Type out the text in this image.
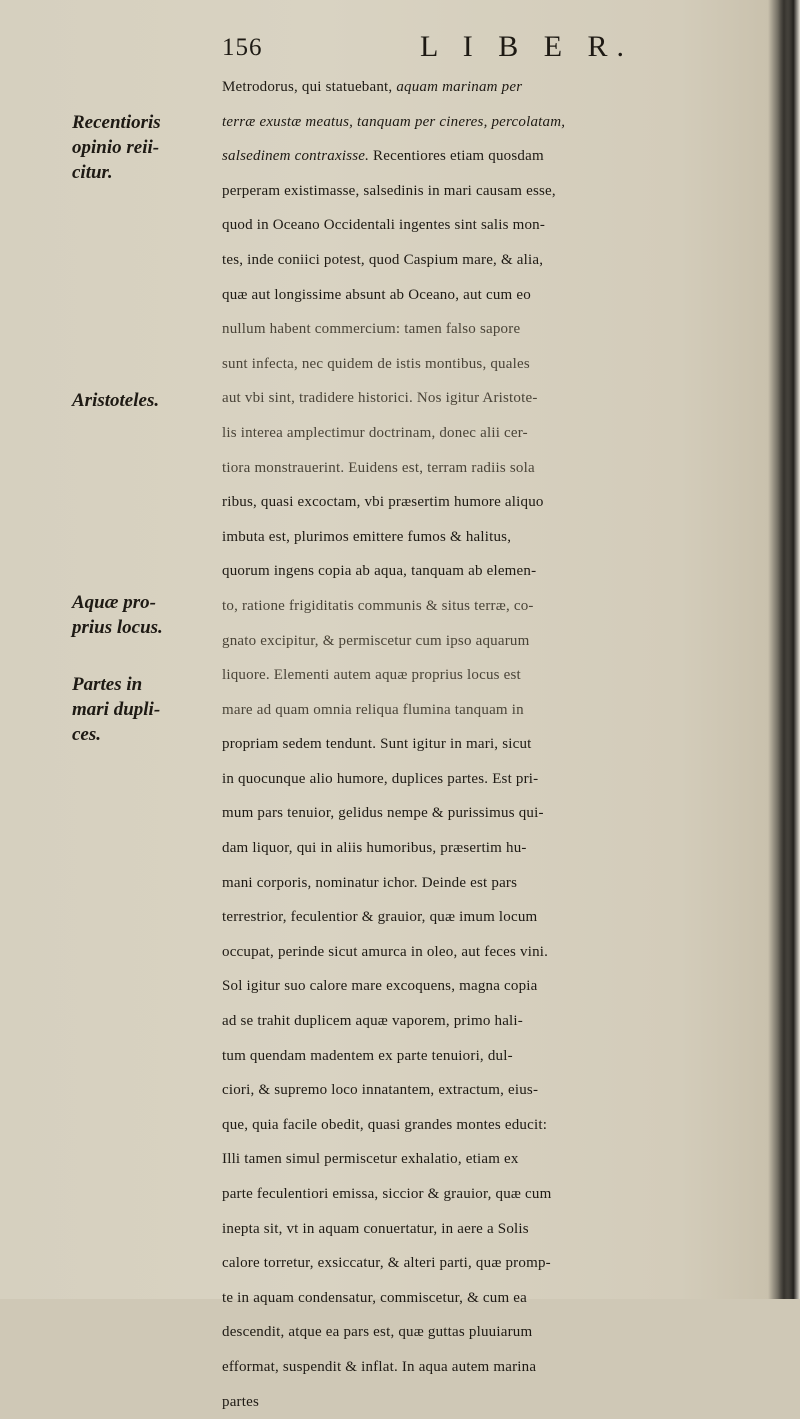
156	L I B E R.
Recentioris
opinio reii-
citur.
Aristoteles.
Aquæ pro-
prius locus.
Partes in
mari dupli-
ces.
Metrodorus, qui statuebant, aquam marinam per
terræ exustæ meatus, tanquam per cineres, percolatam,
salsedinem contraxisse. Recentiores etiam quosdam
perperam existimasse, salsedinis in mari causam esse,
quod in Oceano Occidentali ingentes sint salis mon-
tes, inde coniici potest, quod Caspium mare, & alia,
quæ aut longissime absunt ab Oceano, aut cum eo
nullum habent commercium: tamen falso sapore
sunt infecta, nec quidem de istis montibus, quales
aut vbi sint, tradidere historici. Nos igitur Aristote-
lis interea amplectimur doctrinam, donec alii cer-
tiora monstrauerint. Euidens est, terram radiis sola
ribus, quasi excoctam, vbi præsertim humore aliquo
imbuta est, plurimos emittere fumos & halitus,
quorum ingens copia ab aqua, tanquam ab elemen-
to, ratione frigiditatis communis & situs terræ, co-
gnato excipitur, & permiscetur cum ipso aquarum
liquore. Elementi autem aquæ proprius locus est
mare ad quam omnia reliqua flumina tanquam in
propriam sedem tendunt. Sunt igitur in mari, sicut
in quocunque alio humore, duplices partes. Est pri-
mum pars tenuior, gelidus nempe & purissimus qui-
dam liquor, qui in aliis humoribus, præsertim hu-
mani corporis, nominatur ichor. Deinde est pars
terrestrior, feculentior & grauior, quæ imum locum
occupat, perinde sicut amurca in oleo, aut feces vini.
Sol igitur suo calore mare excoquens, magna copia
ad se trahit duplicem aquæ vaporem, primo hali-
tum quendam madentem ex parte tenuiori, dul-
ciori, & supremo loco innatantem, extractum, eius-
que, quia facile obedit, quasi grandes montes educit:
Illi tamen simul permiscetur exhalatio, etiam ex
parte feculentiori emissa, siccior & grauior, quæ cum
inepta sit, vt in aquam conuertatur, in aere a Solis
calore torretur, exsiccatur, & alteri parti, quæ promp-
te in aquam condensatur, commiscetur, & cum ea
descendit, atque ea pars est, quæ guttas pluuiarum
efformat, suspendit & inflat. In aqua autem marina
partes
